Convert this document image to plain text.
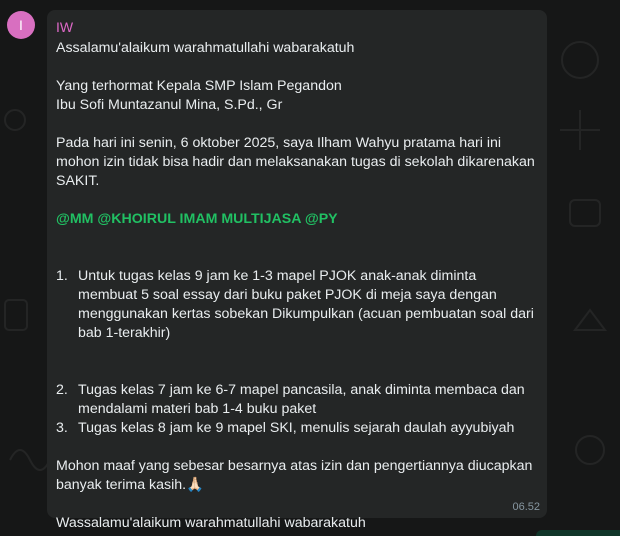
I	IW
Assalamu'alaikum warahmatullahi wabarakatuh
Yang terhormat Kepala SMP Islam Pegandon
Ibu Sofi Muntazanul Mina, S.Pd., Gr
Pada hari ini senin, 6 oktober 2025, saya Ilham Wahyu pratama hari ini
mohon izin tidak bisa hadir dan melaksanakan tugas di sekolah dikarenakan
SAKIT.
@MM @KHOIRUL IMAM MULTIJASA @PY
1. Untuk tugas kelas 9 jam ke 1-3 mapel PJOK anak-anak diminta
membuat 5 soal essay dari buku paket PJOK di meja saya dengan
menggunakan kertas sobekan Dikumpulkan (acuan pembuatan soal dari
bab 1-terakhir)
2. Tugas kelas 7 jam ke 6-7 mapel pancasila, anak diminta membaca dan
mendalami materi bab 1-4 buku paket
3. Tugas kelas 8 jam ke 9 mapel SKI, menulis sejarah daulah ayyubiyah
Mohon maaf yang sebesar besarnya atas izin dan pengertiannya diucapkan
banyak terima kasih.🙏🏻
Wassalamu'alaikum warahmatullahi wabarakatuh
06.52
